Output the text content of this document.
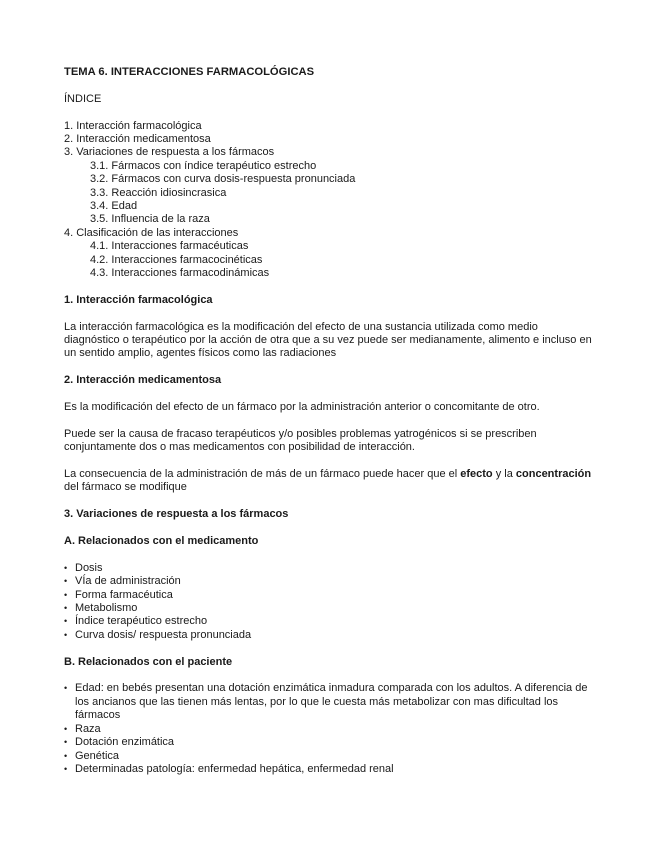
TEMA 6. INTERACCIONES FARMACOLÓGICAS

ÍNDICE

1. Interacción farmacológica
2. Interacción medicamentosa
3. Variaciones de respuesta a los fármacos
3.1. Fármacos con índice terapéutico estrecho
3.2. Fármacos con curva dosis-respuesta pronunciada
3.3. Reacción idiosincrasica
3.4. Edad
3.5. Influencia de la raza
4. Clasificación de las interacciones
4.1. Interacciones farmacéuticas
4.2. Interacciones farmacocinéticas
4.3. Interacciones farmacodinámicas

1. Interacción farmacológica

La interacción farmacológica es la modificación del efecto de una sustancia utilizada como medio diagnóstico o terapéutico por la acción de otra que a su vez puede ser medianamente, alimento e incluso en un sentido amplio, agentes físicos como las radiaciones

2. Interacción medicamentosa

Es la modificación del efecto de un fármaco por la administración anterior o concomitante de otro.

Puede ser la causa de fracaso terapéuticos y/o posibles problemas yatrogénicos si se prescriben conjuntamente dos o mas medicamentos con posibilidad de interacción.

La consecuencia de la administración de más de un fármaco puede hacer que el efecto y la concentración del fármaco se modifique

3. Variaciones de respuesta a los fármacos

A. Relacionados con el medicamento

• Dosis
• VÍa de administración
• Forma farmacéutica
• Metabolismo
• Índice terapéutico estrecho
• Curva dosis/ respuesta pronunciada

B. Relacionados con el paciente

• Edad: en bebés presentan una dotación enzimática inmadura comparada con los adultos. A diferencia de los ancianos que las tienen más lentas, por lo que le cuesta más metabolizar con mas dificultad los fármacos
• Raza
• Dotación enzimática
• Genética
• Determinadas patología: enfermedad hepática, enfermedad renal
